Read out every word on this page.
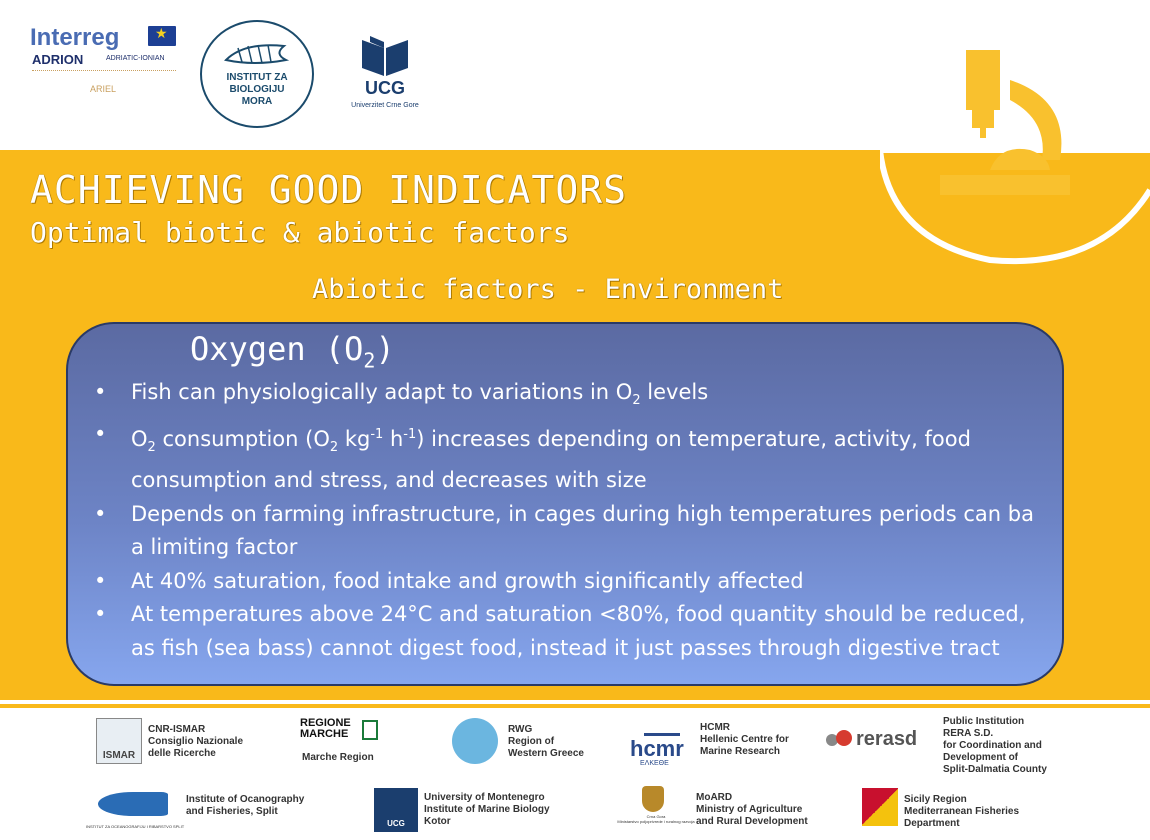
Interreg
★
ADRION	ADRIATIC-IONIAN
ARIEL
INSTITUT ZA
BIOLOGIJU
MORA
UCG
Univerzitet Crne Gore
ACHIEVING GOOD INDICATORS
Optimal biotic & abiotic factors
Abiotic factors - Environment
Oxygen $(O_2)$
• Fish can physiologically adapt to variations in $O_2$ levels
• $O_2$ consumption ($O_2$ $kg^{-1}$ $h^{-1}$) increases depending on temperature, activity, food consumption and stress, and decreases with size
• Depends on farming infrastructure, in cages during high temperatures periods can ba a limiting factor
• At 40% saturation, food intake and growth significantly affected
• At temperatures above 24°C and saturation <80%, food quantity should be reduced, as fish (sea bass) cannot digest food, instead it just passes through digestive tract
ISMAR
CNR-ISMAR
Consiglio Nazionale
delle Ricerche
REGIONE
MARCHE
Marche Region
RWG
Region of
Western Greece hcmr
ΕΛΚΕΘΕ
HCMR
Hellenic Centre for
Marine Research
rerasd
Public Institution
RERA S.D.
for Coordination and
Development of
Split-Dalmatia County
INSTITUT ZA OCEANOGRAFIJU I RIBARSTVO SPLIT
Institute of Ocanography
and Fisheries, Split
UCG
University of Montenegro
Institute of Marine Biology
Kotor	Crna Gora
Ministarstvo poljoprivrede i ruralnog razvoja
MoARD
Ministry of Agriculture
and Rural Development
Sicily Region
Mediterranean Fisheries
Department
